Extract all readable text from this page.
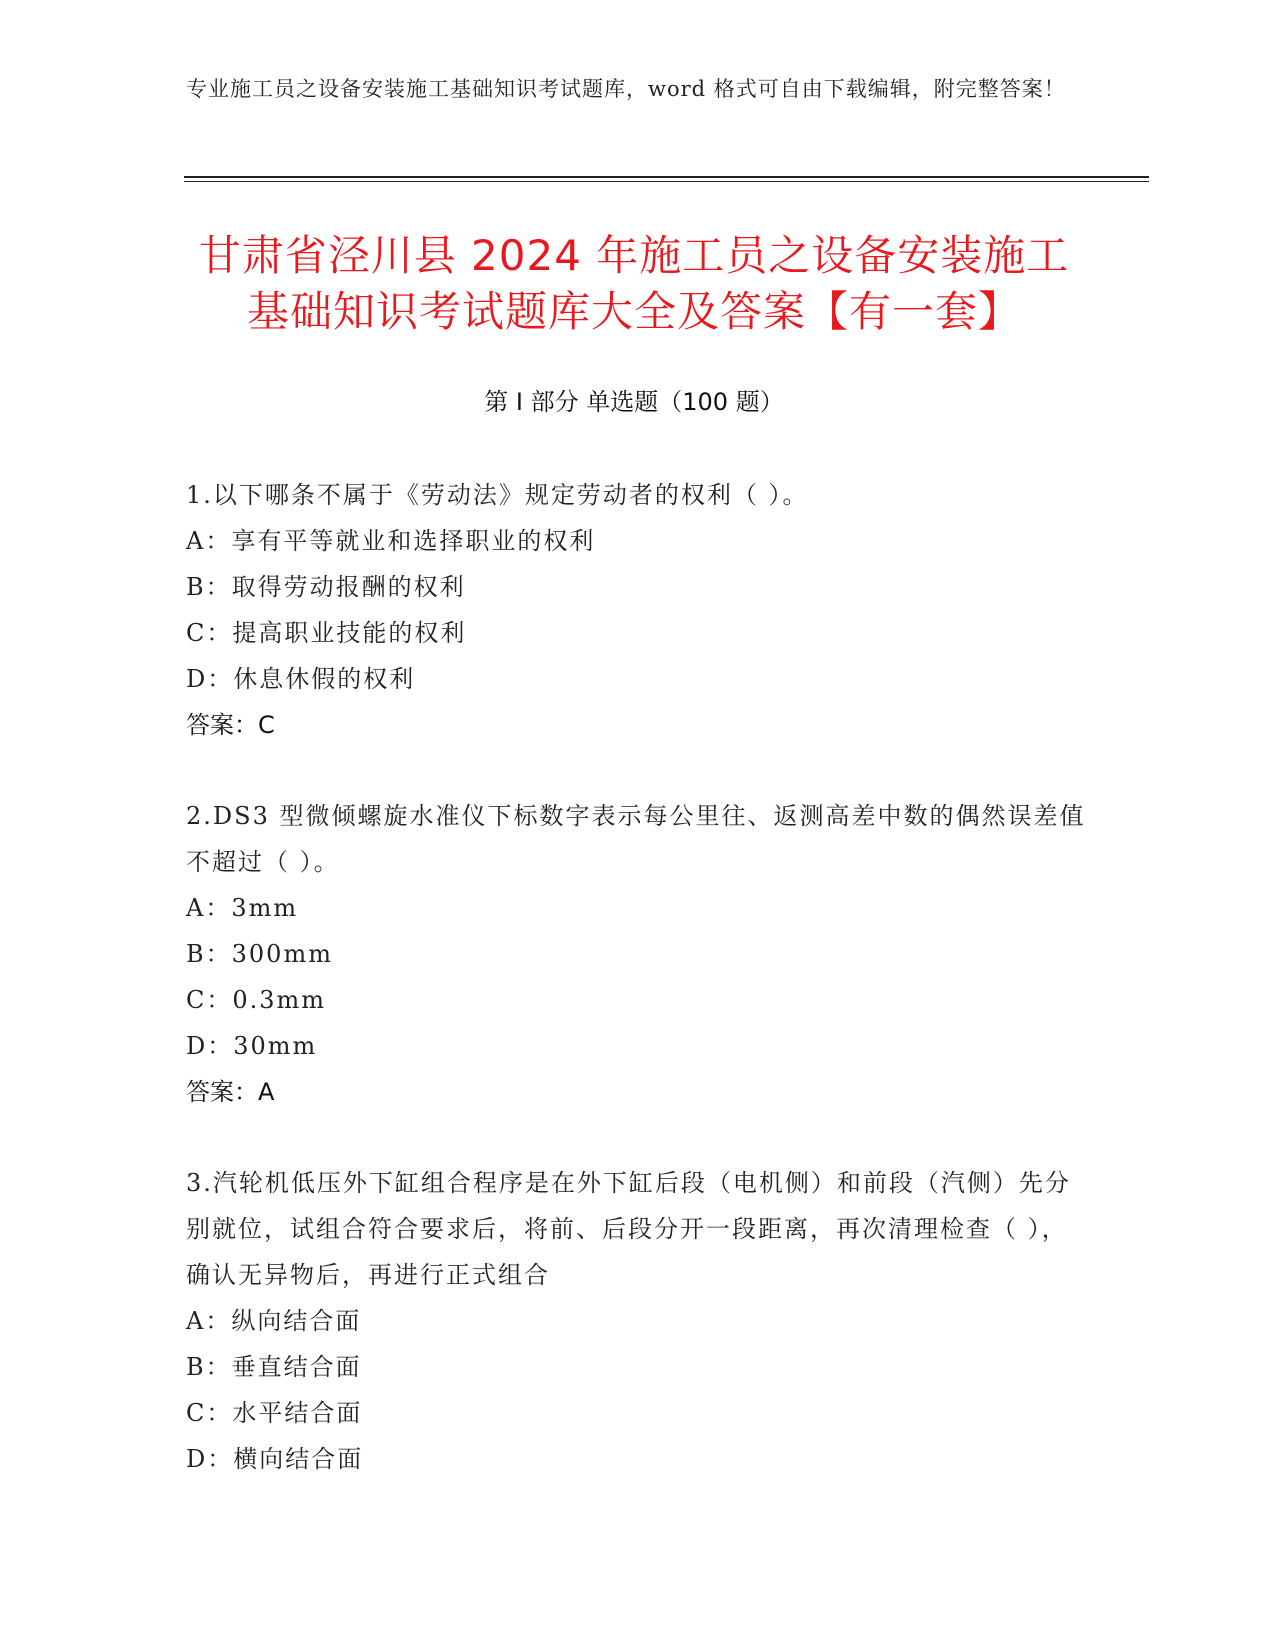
专业施工员之设备安装施工基础知识考试题库，word 格式可自由下载编辑，附完整答案！
甘肃省泾川县 2024 年施工员之设备安装施工
基础知识考试题库大全及答案【有一套】
第 I 部分 单选题（100 题）

1.以下哪条不属于《劳动法》规定劳动者的权利（ ）。

A：享有平等就业和选择职业的权利

B：取得劳动报酬的权利

C：提高职业技能的权利

D：休息休假的权利

答案：C

2.DS3 型微倾螺旋水准仪下标数字表示每公里往、返测高差中数的偶然误差值不超过（ ）。

A：3mm

B：300mm

C：0.3mm

D：30mm

答案：A

3.汽轮机低压外下缸组合程序是在外下缸后段（电机侧）和前段（汽侧）先分别就位，试组合符合要求后，将前、后段分开一段距离，再次清理检查（ ），确认无异物后，再进行正式组合

A：纵向结合面

B：垂直结合面

C：水平结合面

D：横向结合面
